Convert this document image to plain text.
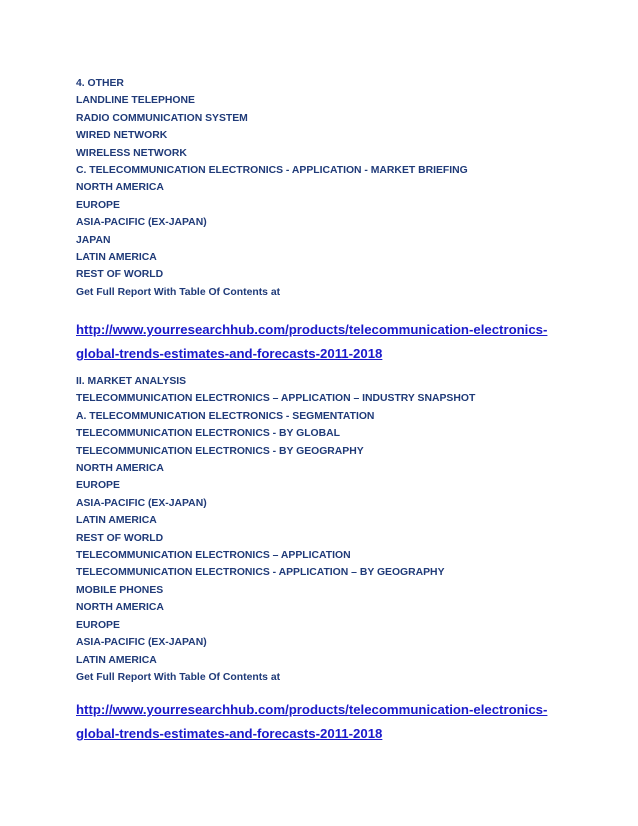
4. OTHER
LANDLINE TELEPHONE
RADIO COMMUNICATION SYSTEM
WIRED NETWORK
WIRELESS NETWORK
C. TELECOMMUNICATION ELECTRONICS - APPLICATION - MARKET BRIEFING
NORTH AMERICA
EUROPE
ASIA-PACIFIC (EX-JAPAN)
JAPAN
LATIN AMERICA
REST OF WORLD
Get Full Report With Table Of Contents at
http://www.yourresearchhub.com/products/telecommunication-electronics-
global-trends-estimates-and-forecasts-2011-2018
II. MARKET ANALYSIS
TELECOMMUNICATION ELECTRONICS – APPLICATION – INDUSTRY SNAPSHOT
A. TELECOMMUNICATION ELECTRONICS - SEGMENTATION
TELECOMMUNICATION ELECTRONICS - BY GLOBAL
TELECOMMUNICATION ELECTRONICS - BY GEOGRAPHY
NORTH AMERICA
EUROPE
ASIA-PACIFIC (EX-JAPAN)
LATIN AMERICA
REST OF WORLD
TELECOMMUNICATION ELECTRONICS – APPLICATION
TELECOMMUNICATION ELECTRONICS - APPLICATION – BY GEOGRAPHY
MOBILE PHONES
NORTH AMERICA
EUROPE
ASIA-PACIFIC (EX-JAPAN)
LATIN AMERICA
Get Full Report With Table Of Contents at
http://www.yourresearchhub.com/products/telecommunication-electronics-
global-trends-estimates-and-forecasts-2011-2018
